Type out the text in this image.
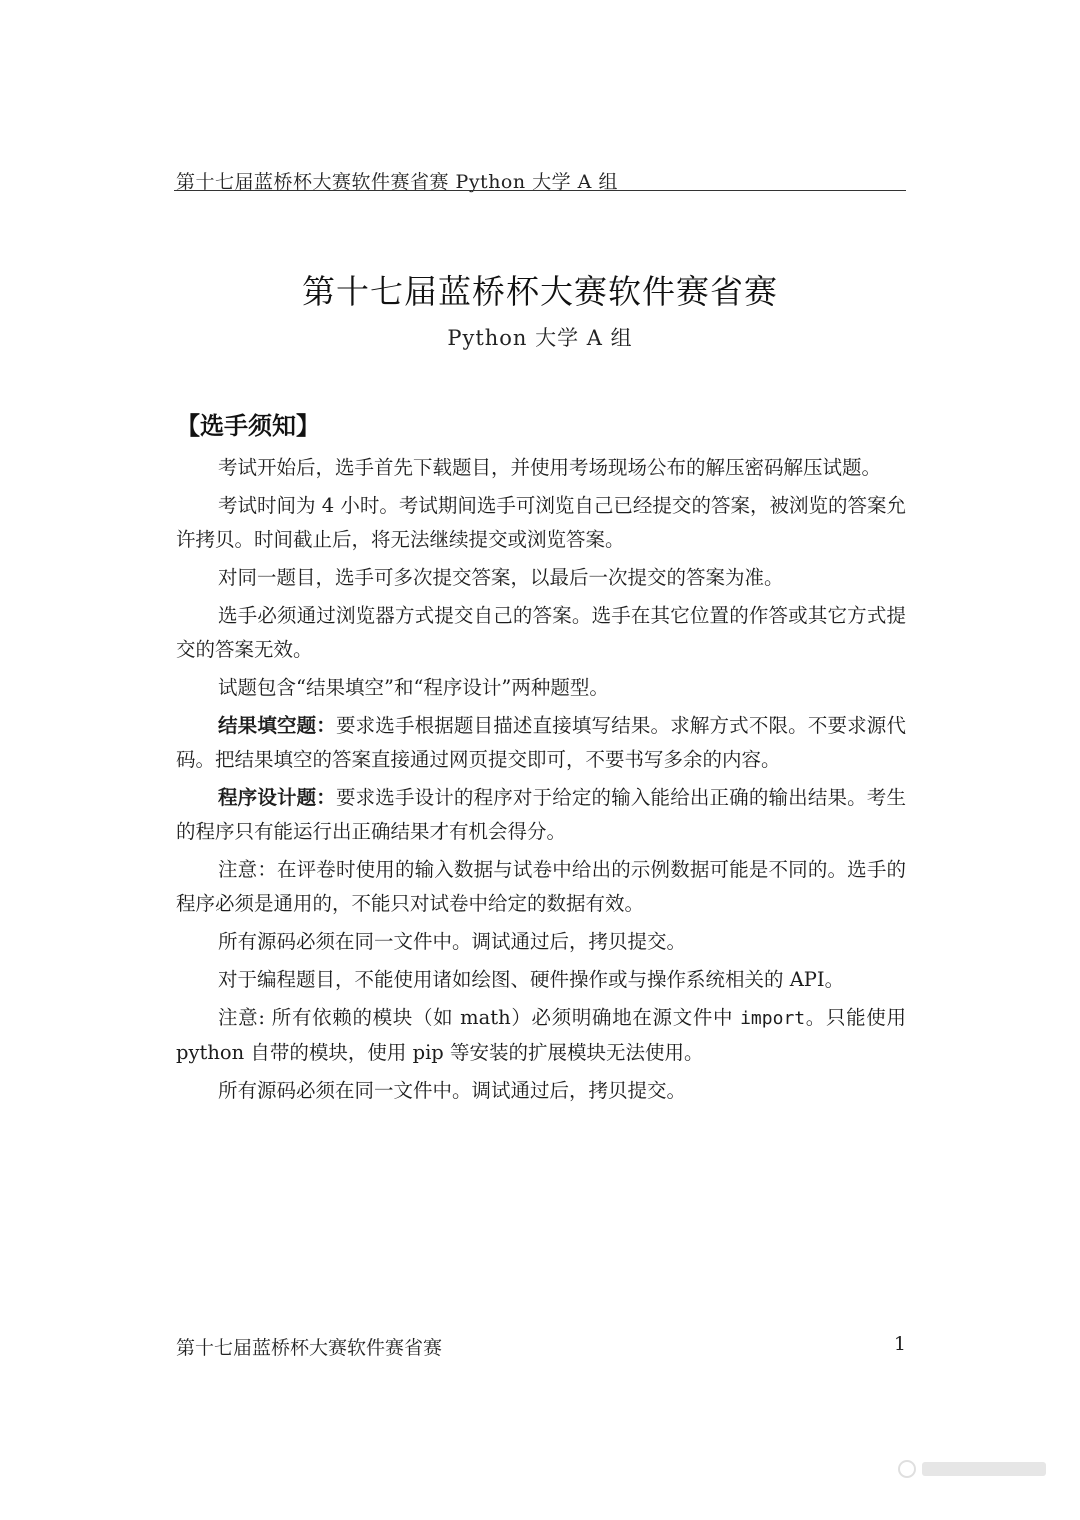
第十七届蓝桥杯大赛软件赛省赛 Python 大学 A 组
第十七届蓝桥杯大赛软件赛省赛
Python 大学 A 组
【选手须知】

考试开始后，选手首先下载题目，并使用考场现场公布的解压密码解压试题。

考试时间为 4 小时。考试期间选手可浏览自己已经提交的答案，被浏览的答案允许拷贝。时间截止后，将无法继续提交或浏览答案。

对同一题目，选手可多次提交答案，以最后一次提交的答案为准。

选手必须通过浏览器方式提交自己的答案。选手在其它位置的作答或其它方式提交的答案无效。

试题包含“结果填空”和“程序设计”两种题型。

结果填空题：要求选手根据题目描述直接填写结果。求解方式不限。不要求源代码。把结果填空的答案直接通过网页提交即可，不要书写多余的内容。

程序设计题：要求选手设计的程序对于给定的输入能给出正确的输出结果。考生的程序只有能运行出正确结果才有机会得分。

注意：在评卷时使用的输入数据与试卷中给出的示例数据可能是不同的。选手的程序必须是通用的，不能只对试卷中给定的数据有效。

所有源码必须在同一文件中。调试通过后，拷贝提交。

对于编程题目，不能使用诸如绘图、硬件操作或与操作系统相关的 API。

注意: 所有依赖的模块（如 math）必须明确地在源文件中 import。只能使用 python 自带的模块，使用 pip 等安装的扩展模块无法使用。

所有源码必须在同一文件中。调试通过后，拷贝提交。

第十七届蓝桥杯大赛软件赛省赛	1
